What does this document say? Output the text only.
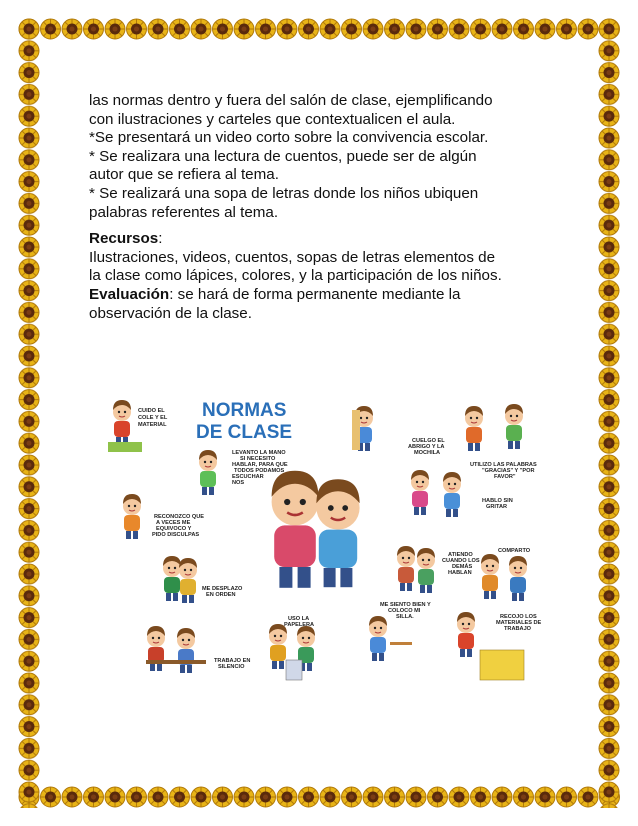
las normas dentro y fuera del salón de clase, ejemplificando

con ilustraciones y carteles que contextualicen el aula.

*Se presentará un video corto sobre la convivencia escolar.

* Se realizara una lectura de cuentos, puede ser de algún

autor que se refiera al tema.

* Se realizará una sopa de letras donde los niños ubiquen

palabras referentes al tema.

Recursos:

Ilustraciones, videos, cuentos, sopas de letras elementos de

la clase como lápices, colores, y la participación de los niños.

Evaluación: se hará de forma permanente mediante la

observación de la clase.

NORMAS
DE CLASE
CUIDO EL
COLE Y EL
MATERIAL
LEVANTO LA MANO
SI NECESITO
HABLAR, PARA QUE
TODOS PODAMOS
ESCUCHAR
NOS
RECONOZCO QUE
A VECES ME
EQUIVOCO Y
PIDO DISCULPAS
ME DESPLAZO
EN ORDEN
TRABAJO EN
SILENCIO
USO LA
PAPELERA
CUELGO EL
ABRIGO Y LA
MOCHILA
UTILIZO LAS PALABRAS
"GRACIAS" Y "POR
FAVOR"
HABLO SIN
GRITAR
ATIENDO
CUANDO LOS
DEMÁS
HABLAN
COMPARTO
ME SIENTO BIEN Y
COLOCO MI
SILLA.	RECOJO LOS
MATERIALES DE
TRABAJO
